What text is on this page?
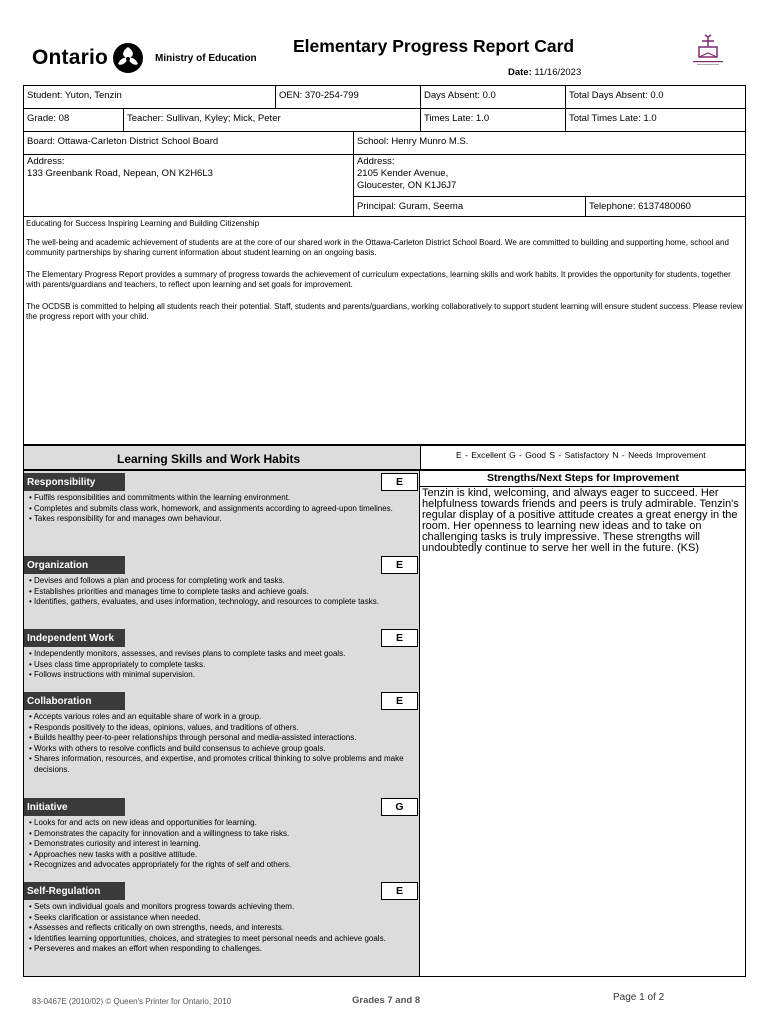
Ontario	Ministry of Education
Elementary Progress Report Card
Date: 11/16/2023
Student: Yuton, Tenzin	OEN: 370-254-799	Days Absent: 0.0	Total Days Absent: 0.0
Grade: 08	Teacher: Sullivan, Kyley; Mick, Peter	Times Late: 1.0	Total Times Late: 1.0
Board: Ottawa-Carleton District School Board	School: Henry Munro M.S.
Address:
133 Greenbank Road, Nepean, ON K2H6L3
Address:
2105 Kender Avenue,
Gloucester, ON K1J6J7
Principal: Guram, Seema	Telephone: 6137480060

Educating for Success Inspiring Learning and Building Citizenship

The well-being and academic achievement of students are at the core of our shared work in the Ottawa-Carleton District School Board. We are committed to building and supporting home, school and community partnerships by sharing current information about student learning on an ongoing basis.

The Elementary Progress Report provides a summary of progress towards the achievement of curriculum expectations, learning skills and work habits. It provides the opportunity for students, together with parents/guardians and teachers, to reflect upon learning and set goals for improvement.

The OCDSB is committed to helping all students reach their potential. Staff, students and parents/guardians, working collaboratively to support student learning will ensure student success. Please review the progress report with your child.

Learning Skills and Work Habits	E - Excellent G - Good S - Satisfactory N - Needs Improvement
Responsibility	E
• Fulfils responsibilities and commitments within the learning environment.
• Completes and submits class work, homework, and assignments according to agreed-upon timelines.
• Takes responsibility for and manages own behaviour.
Organization	E
• Devises and follows a plan and process for completing work and tasks.
• Establishes priorities and manages time to complete tasks and achieve goals.
• Identifies, gathers, evaluates, and uses information, technology, and resources to complete tasks.
Independent Work	E
• Independently monitors, assesses, and revises plans to complete tasks and meet goals.
• Uses class time appropriately to complete tasks.
• Follows instructions with minimal supervision.
Collaboration	E
• Accepts various roles and an equitable share of work in a group.
• Responds positively to the ideas, opinions, values, and traditions of others.
• Builds healthy peer-to-peer relationships through personal and media-assisted interactions.
• Works with others to resolve conflicts and build consensus to achieve group goals.
• Shares information, resources, and expertise, and promotes critical thinking to solve problems and make decisions.
Initiative	G
• Looks for and acts on new ideas and opportunities for learning.
• Demonstrates the capacity for innovation and a willingness to take risks.
• Demonstrates curiosity and interest in learning.
• Approaches new tasks with a positive attitude.
• Recognizes and advocates appropriately for the rights of self and others.
Self-Regulation	E
• Sets own individual goals and monitors progress towards achieving them.
• Seeks clarification or assistance when needed.
• Assesses and reflects critically on own strengths, needs, and interests.
• Identifies learning opportunities, choices, and strategies to meet personal needs and achieve goals.
• Perseveres and makes an effort when responding to challenges.
Strengths/Next Steps for Improvement
Tenzin is kind, welcoming, and always eager to succeed. Her helpfulness towards friends and peers is truly admirable. Tenzin's regular display of a positive attitude creates a great energy in the room. Her openness to learning new ideas and to take on challenging tasks is truly impressive. These strengths will undoubtedly continue to serve her well in the future. (KS)
83-0467E (2010/02) © Queen's Printer for Ontario, 2010	Grades 7 and 8	Page 1 of 2
